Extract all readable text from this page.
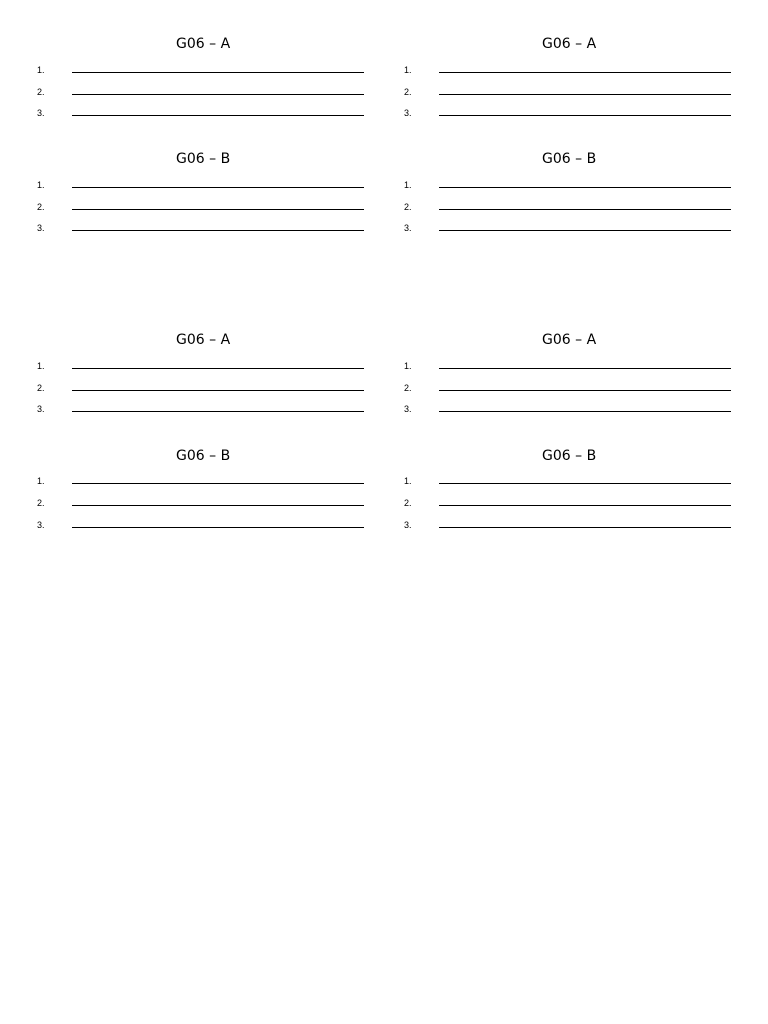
G06 – A
1.
2.
3.
G06 – A
1.
2.
3.
G06 – B
1.
2.
3.
G06 – B
1.
2.
3.
G06 – A
1.
2.
3.
G06 – A
1.
2.
3.
G06 – B
1.
2.
3.
G06 – B
1.
2.
3.
